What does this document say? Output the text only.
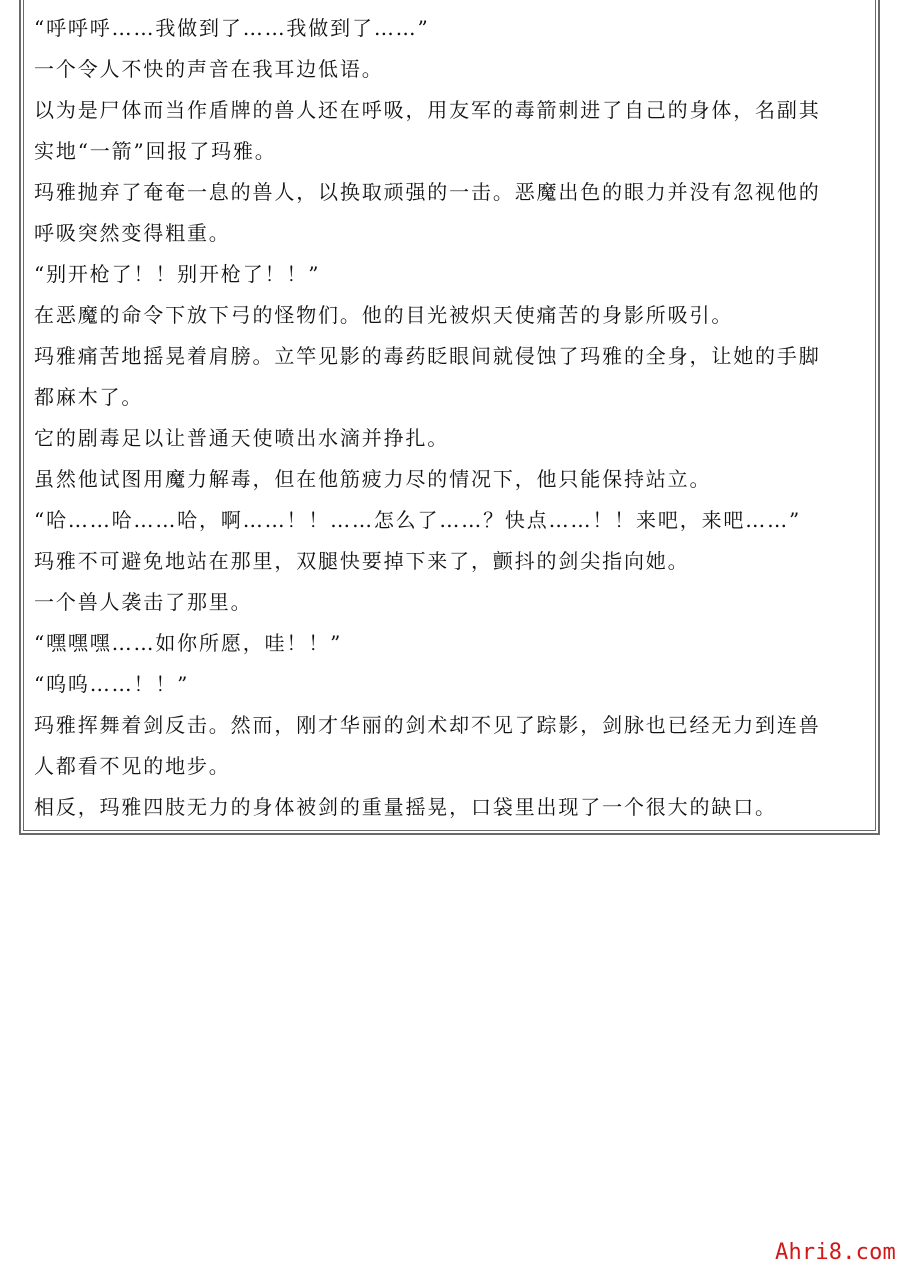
“呼呼呼……我做到了……我做到了……”
一个令人不快的声音在我耳边低语。
以为是尸体而当作盾牌的兽人还在呼吸，用友军的毒箭刺进了自己的身体，名副其
实地“一箭”回报了玛雅。
玛雅抛弃了奄奄一息的兽人，以换取顽强的一击。恶魔出色的眼力并没有忽视他的
呼吸突然变得粗重。
“别开枪了！！别开枪了！！”
在恶魔的命令下放下弓的怪物们。他的目光被炽天使痛苦的身影所吸引。
玛雅痛苦地摇晃着肩膀。立竿见影的毒药眨眼间就侵蚀了玛雅的全身，让她的手脚
都麻木了。
它的剧毒足以让普通天使喷出水滴并挣扎。
虽然他试图用魔力解毒，但在他筋疲力尽的情况下，他只能保持站立。
“哈……哈……哈，啊……！！……怎么了……？快点……！！来吧，来吧……”
玛雅不可避免地站在那里，双腿快要掉下来了，颤抖的剑尖指向她。
一个兽人袭击了那里。
“嘿嘿嘿……如你所愿，哇！！”
“呜呜……！！”
玛雅挥舞着剑反击。然而，刚才华丽的剑术却不见了踪影，剑脉也已经无力到连兽
人都看不见的地步。
相反，玛雅四肢无力的身体被剑的重量摇晃，口袋里出现了一个很大的缺口。
Ahri8.com
